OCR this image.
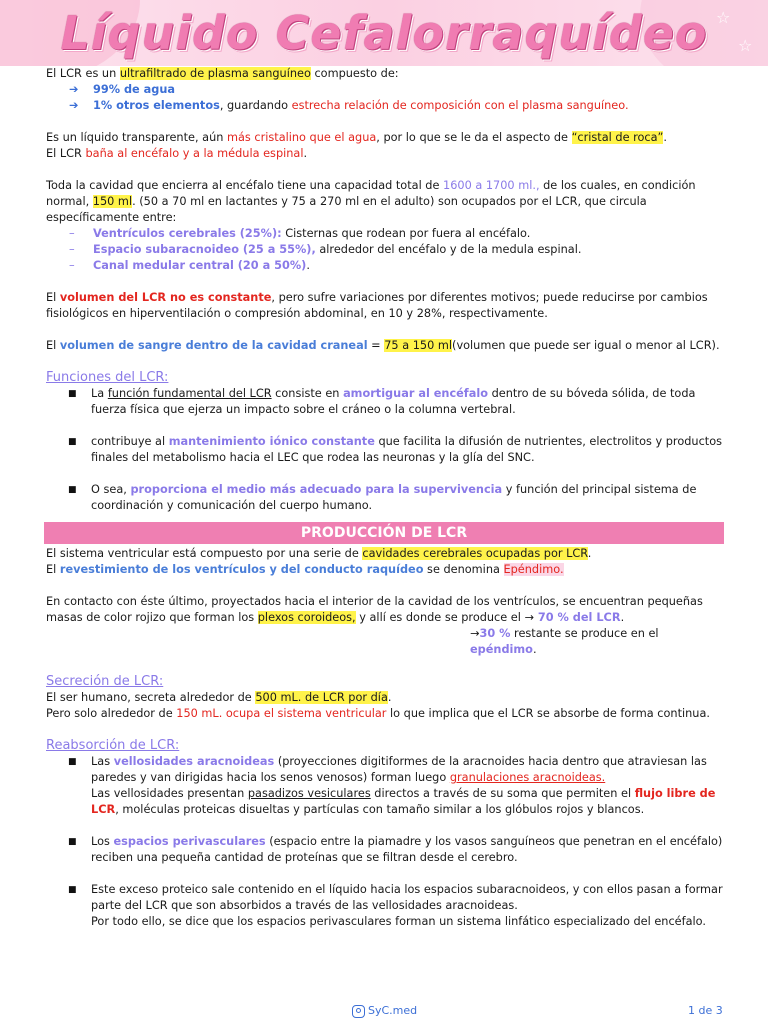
☆
☆
Líquido Cefalorraquídeo

El LCR es un ultrafiltrado de plasma sanguíneo compuesto de:

➔ 99% de agua

➔ 1% otros elementos, guardando estrecha relación de composición con el plasma sanguíneo.

Es un líquido transparente, aún más cristalino que el agua, por lo que se le da el aspecto de “cristal de roca”.
El LCR baña al encéfalo y a la médula espinal.

Toda la cavidad que encierra al encéfalo tiene una capacidad total de 1600 a 1700 ml., de los cuales, en condición normal, 150 ml. (50 a 70 ml en lactantes y 75 a 270 ml en el adulto) son ocupados por el LCR, que circula específicamente entre:

– Ventrículos cerebrales (25%): Cisternas que rodean por fuera al encéfalo.

– Espacio subaracnoideo (25 a 55%), alrededor del encéfalo y de la medula espinal.

– Canal medular central (20 a 50%).

El volumen del LCR no es constante, pero sufre variaciones por diferentes motivos; puede reducirse por cambios fisiológicos en hiperventilación o compresión abdominal, en 10 y 28%, respectivamente.

El volumen de sangre dentro de la cavidad craneal = 75 a 150 ml(volumen que puede ser igual o menor al LCR).

Funciones del LCR:

■	La función fundamental del LCR consiste en amortiguar al encéfalo dentro de su bóveda sólida, de toda fuerza física que ejerza un impacto sobre el cráneo o la columna vertebral.
■	contribuye al mantenimiento iónico constante que facilita la difusión de nutrientes, electrolitos y productos finales del metabolismo hacia el LEC que rodea las neuronas y la glía del SNC.
■	O sea, proporciona el medio más adecuado para la supervivencia y función del principal sistema de coordinación y comunicación del cuerpo humano.
PRODUCCIÓN DE LCR

El sistema ventricular está compuesto por una serie de cavidades cerebrales ocupadas por LCR.
El revestimiento de los ventrículos y del conducto raquídeo se denomina Epéndimo.

En contacto con éste último, proyectados hacia el interior de la cavidad de los ventrículos, se encuentran pequeñas masas de color rojizo que forman los plexos coroideos, y allí es donde se produce el → 70 % del LCR.

→30 % restante se produce en el epéndimo.

Secreción de LCR:

El ser humano, secreta alrededor de 500 mL. de LCR por día.
Pero solo alrededor de 150 mL. ocupa el sistema ventricular lo que implica que el LCR se absorbe de forma continua.

Reabsorción de LCR:

■	Las vellosidades aracnoideas (proyecciones digitiformes de la aracnoides hacia dentro que atraviesan las paredes y van dirigidas hacia los senos venosos) forman luego granulaciones aracnoideas.
Las vellosidades presentan pasadizos vesiculares directos a través de su soma que permiten el flujo libre de LCR, moléculas proteicas disueltas y partículas con tamaño similar a los glóbulos rojos y blancos.
■	Los espacios perivasculares (espacio entre la piamadre y los vasos sanguíneos que penetran en el encéfalo) reciben una pequeña cantidad de proteínas que se filtran desde el cerebro.
■	Este exceso proteico sale contenido en el líquido hacia los espacios subaracnoideos, y con ellos pasan a formar parte del LCR que son absorbidos a través de las vellosidades aracnoideas.
Por todo ello, se dice que los espacios perivasculares forman un sistema linfático especializado del encéfalo.
SyC.med	1 de 3
